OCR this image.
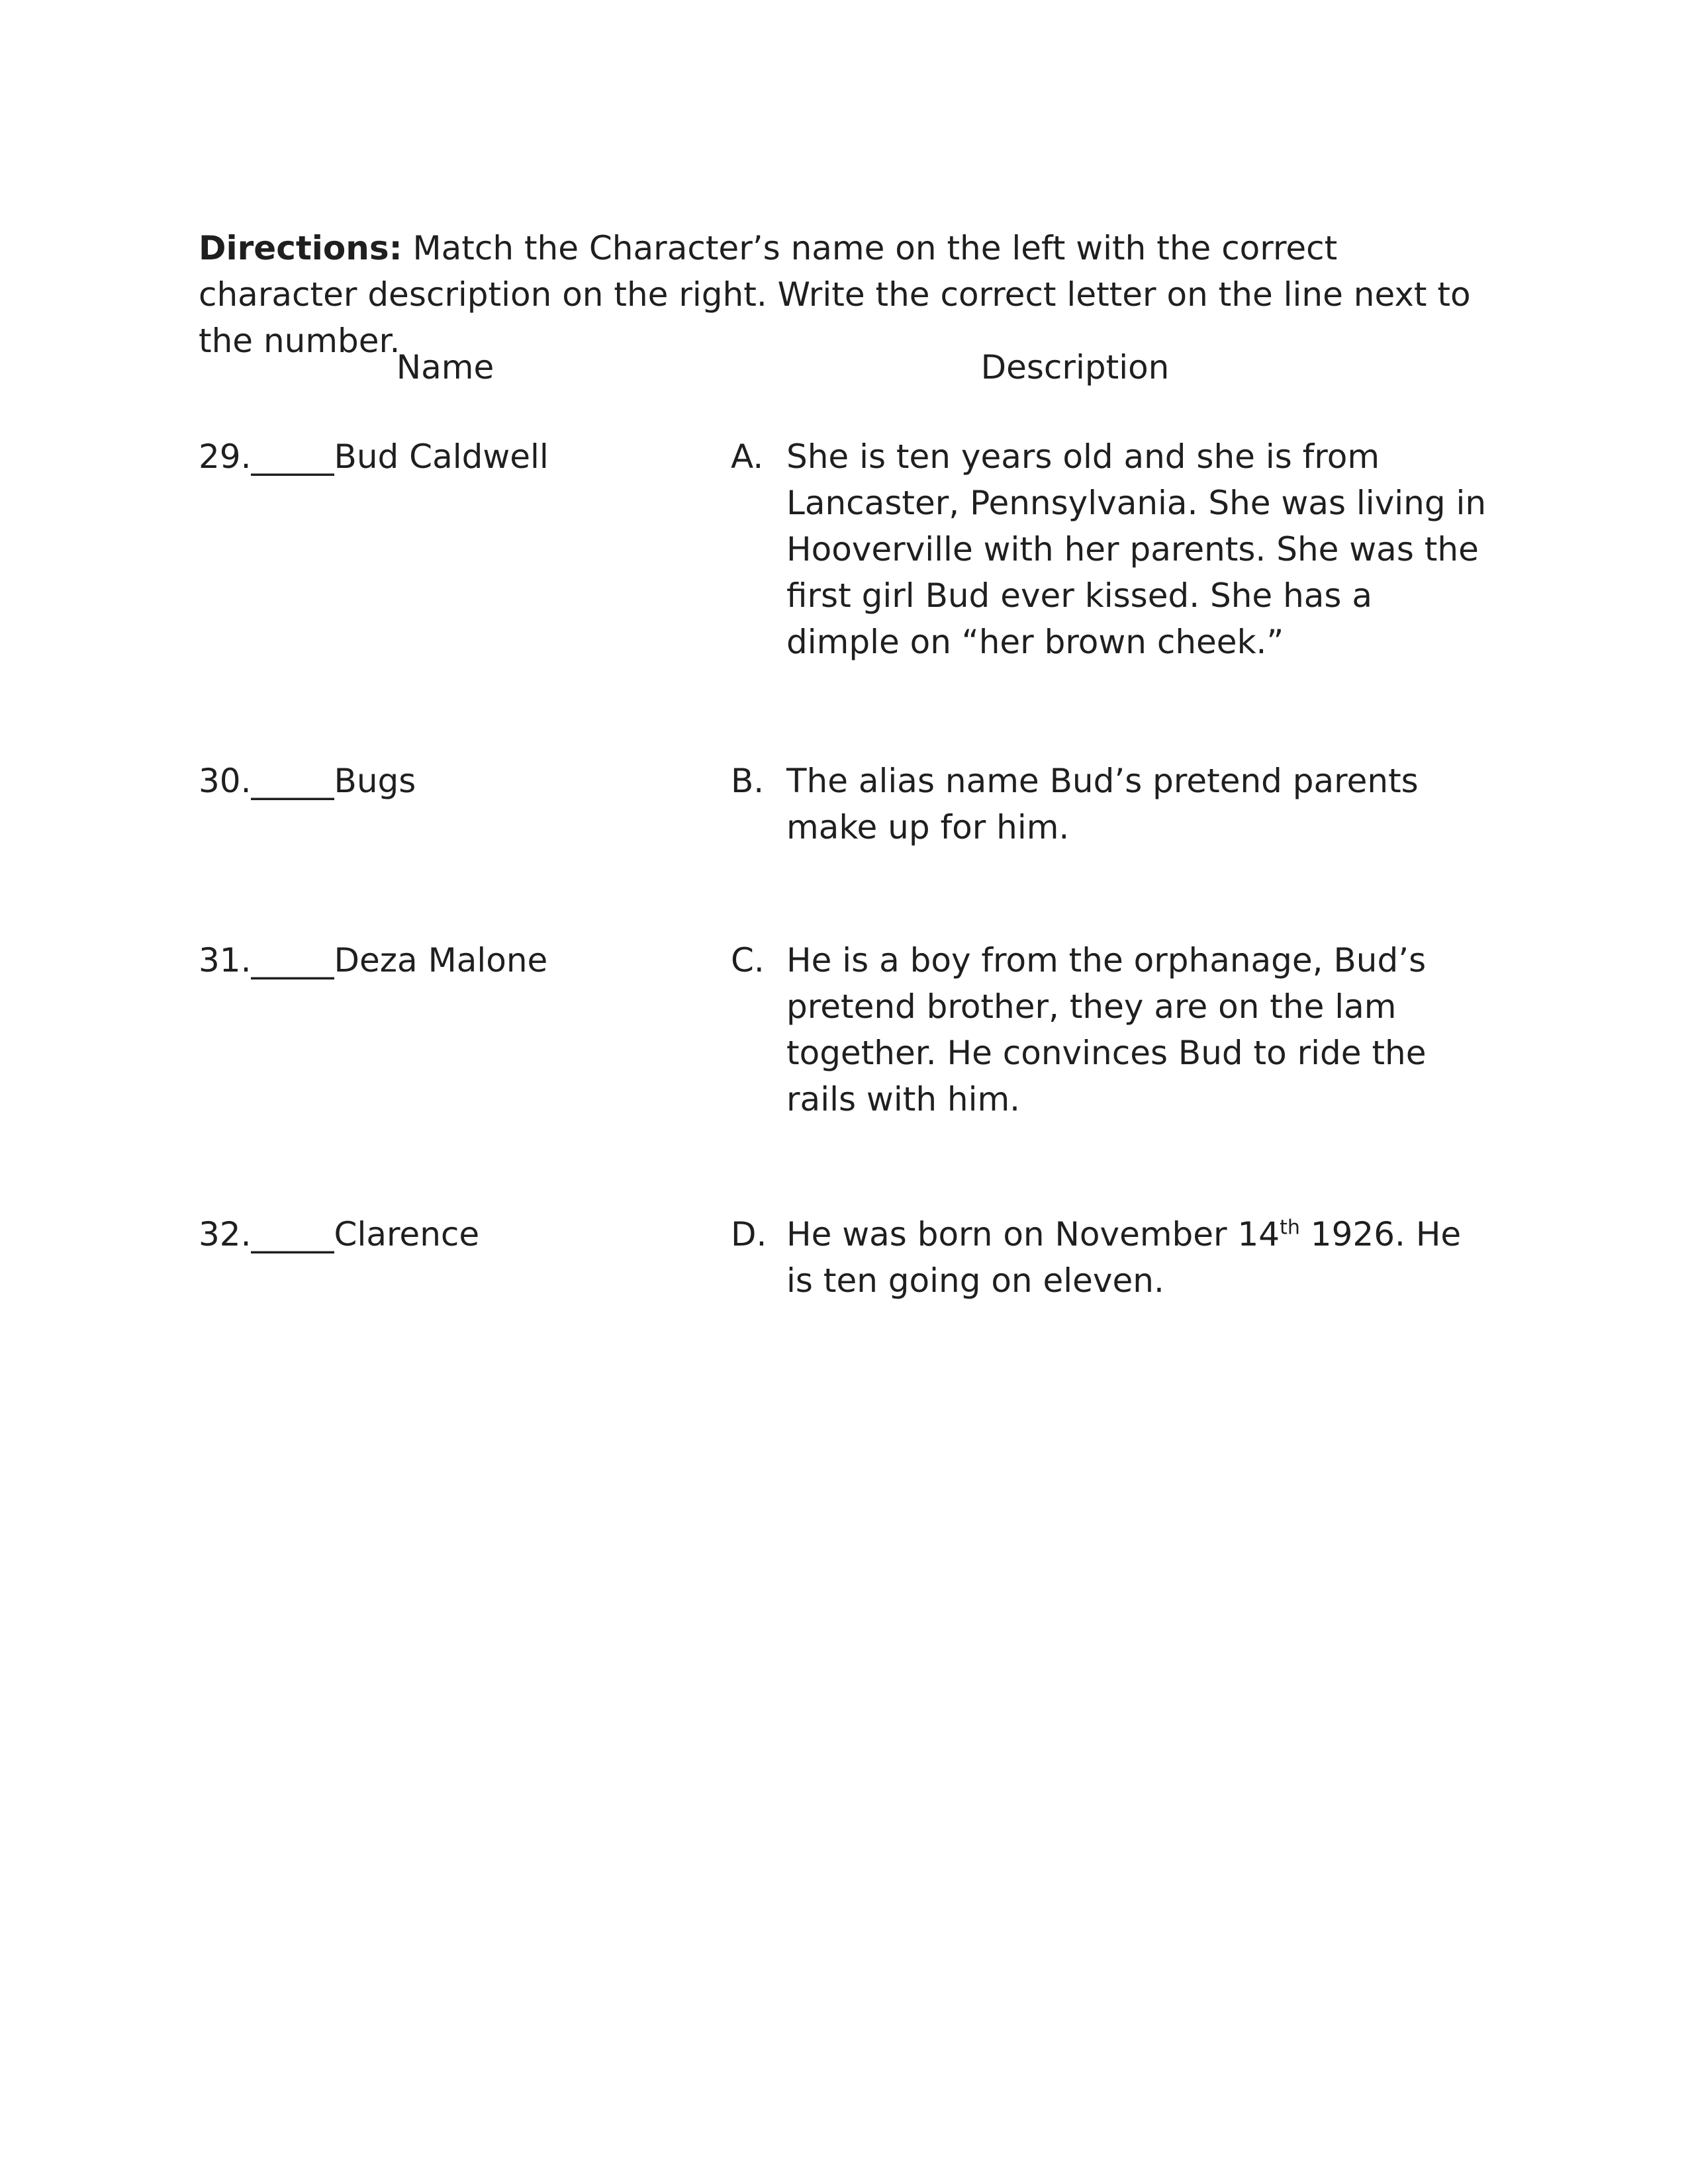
Directions: Match the Character’s name on the left with the correct character description on the right. Write the correct letter on the line next to the number.

Name	Description
29._____Bud Caldwell	A. She is ten years old and she is from Lancaster, Pennsylvania. She was living in Hooverville with her parents. She was the first girl Bud ever kissed. She has a dimple on “her brown cheek.”
30._____Bugs	B. The alias name Bud’s pretend parents make up for him.
31._____Deza Malone	C. He is a boy from the orphanage, Bud’s pretend brother, they are on the lam together. He convinces Bud to ride the rails with him.
32._____Clarence	D. He was born on November 14th 1926. He is ten going on eleven.
